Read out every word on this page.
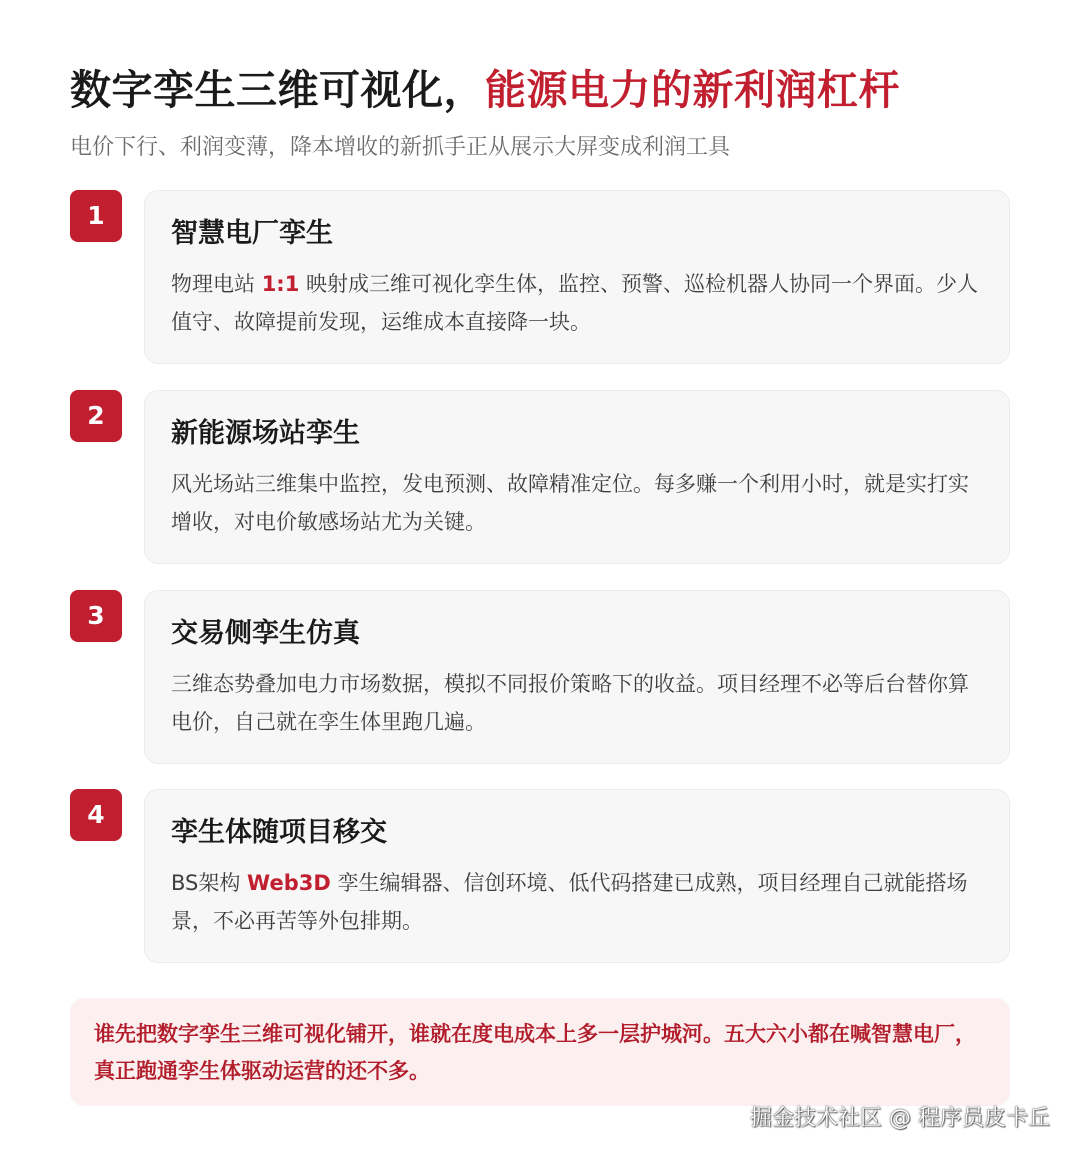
数字孪生三维可视化，能源电力的新利润杠杆

电价下行、利润变薄，降本增收的新抓手正从展示大屏变成利润工具

1
智慧电厂孪生

物理电站 1:1 映射成三维可视化孪生体，监控、预警、巡检机器人协同一个界面。少人值守、故障提前发现，运维成本直接降一块。

2
新能源场站孪生

风光场站三维集中监控，发电预测、故障精准定位。每多赚一个利用小时，就是实打实增收，对电价敏感场站尤为关键。

3
交易侧孪生仿真

三维态势叠加电力市场数据，模拟不同报价策略下的收益。项目经理不必等后台替你算电价，自己就在孪生体里跑几遍。

4
孪生体随项目移交

BS架构 Web3D 孪生编辑器、信创环境、低代码搭建已成熟，项目经理自己就能搭场景，不必再苦等外包排期。

谁先把数字孪生三维可视化铺开，谁就在度电成本上多一层护城河。五大六小都在喊智慧电厂，真正跑通孪生体驱动运营的还不多。

掘金技术社区 @ 程序员皮卡丘
